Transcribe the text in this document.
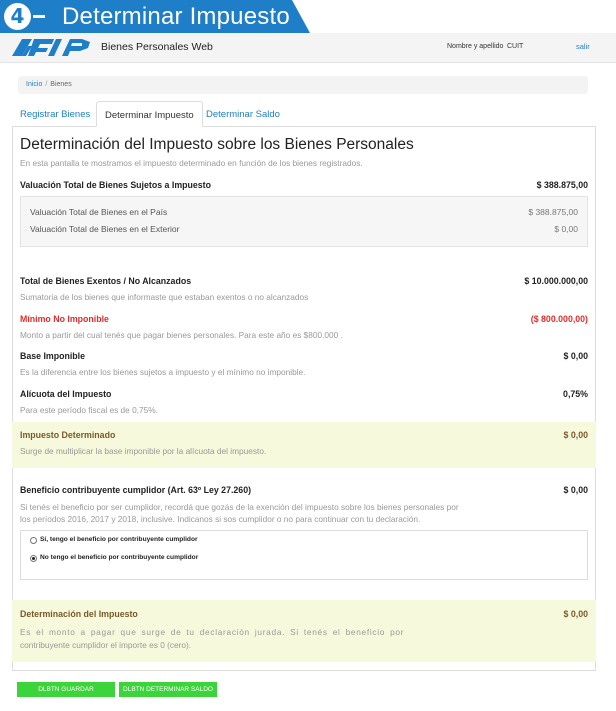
4 Determinar Impuesto
Bienes Personales Web	Nombre y apellido CUIT	salir
Inicio / Bienes
Registrar Bienes	Determinar Impuesto	Determinar Saldo
Determinación del Impuesto sobre los Bienes Personales
En esta pantalla te mostramos el impuesto determinado en función de los bienes registrados.
Valuación Total de Bienes Sujetos a Impuesto	$ 388.875,00
Valuación Total de Bienes en el País	$ 388.875,00
Valuación Total de Bienes en el Exterior	$ 0,00
Total de Bienes Exentos / No Alcanzados	$ 10.000.000,00
Sumatoria de los bienes que informaste que estaban exentos o no alcanzados
Mínimo No Imponible	($ 800.000,00)
Monto a partir del cual tenés que pagar bienes personales. Para este año es $800.000 .
Base Imponible	$ 0,00
Es la diferencia entre los bienes sujetos a impuesto y el mínimo no imponible.
Alícuota del Impuesto	0,75%
Para este período fiscal es de 0,75%.
Impuesto Determinado	$ 0,00
Surge de multiplicar la base imponible por la alícuota del impuesto.
Beneficio contribuyente cumplidor (Art. 63º Ley 27.260)	$ 0,00
Si tenés el beneficio por ser cumplidor, recordá que gozás de la exención del impuesto sobre los bienes personales por
los períodos 2016, 2017 y 2018, inclusive. Indicanos si sos cumplidor o no para continuar con tu declaración.
Sí, tengo el beneficio por contribuyente cumplidor
No tengo el beneficio por contribuyente cumplidor
Determinación del Impuesto	$ 0,00
Es el monto a pagar que surge de tu declaración jurada. Si tenés el beneficio por
contribuyente cumplidor el importe es 0 (cero).
DLBTN GUARDAR	DLBTN DETERMINAR SALDO
